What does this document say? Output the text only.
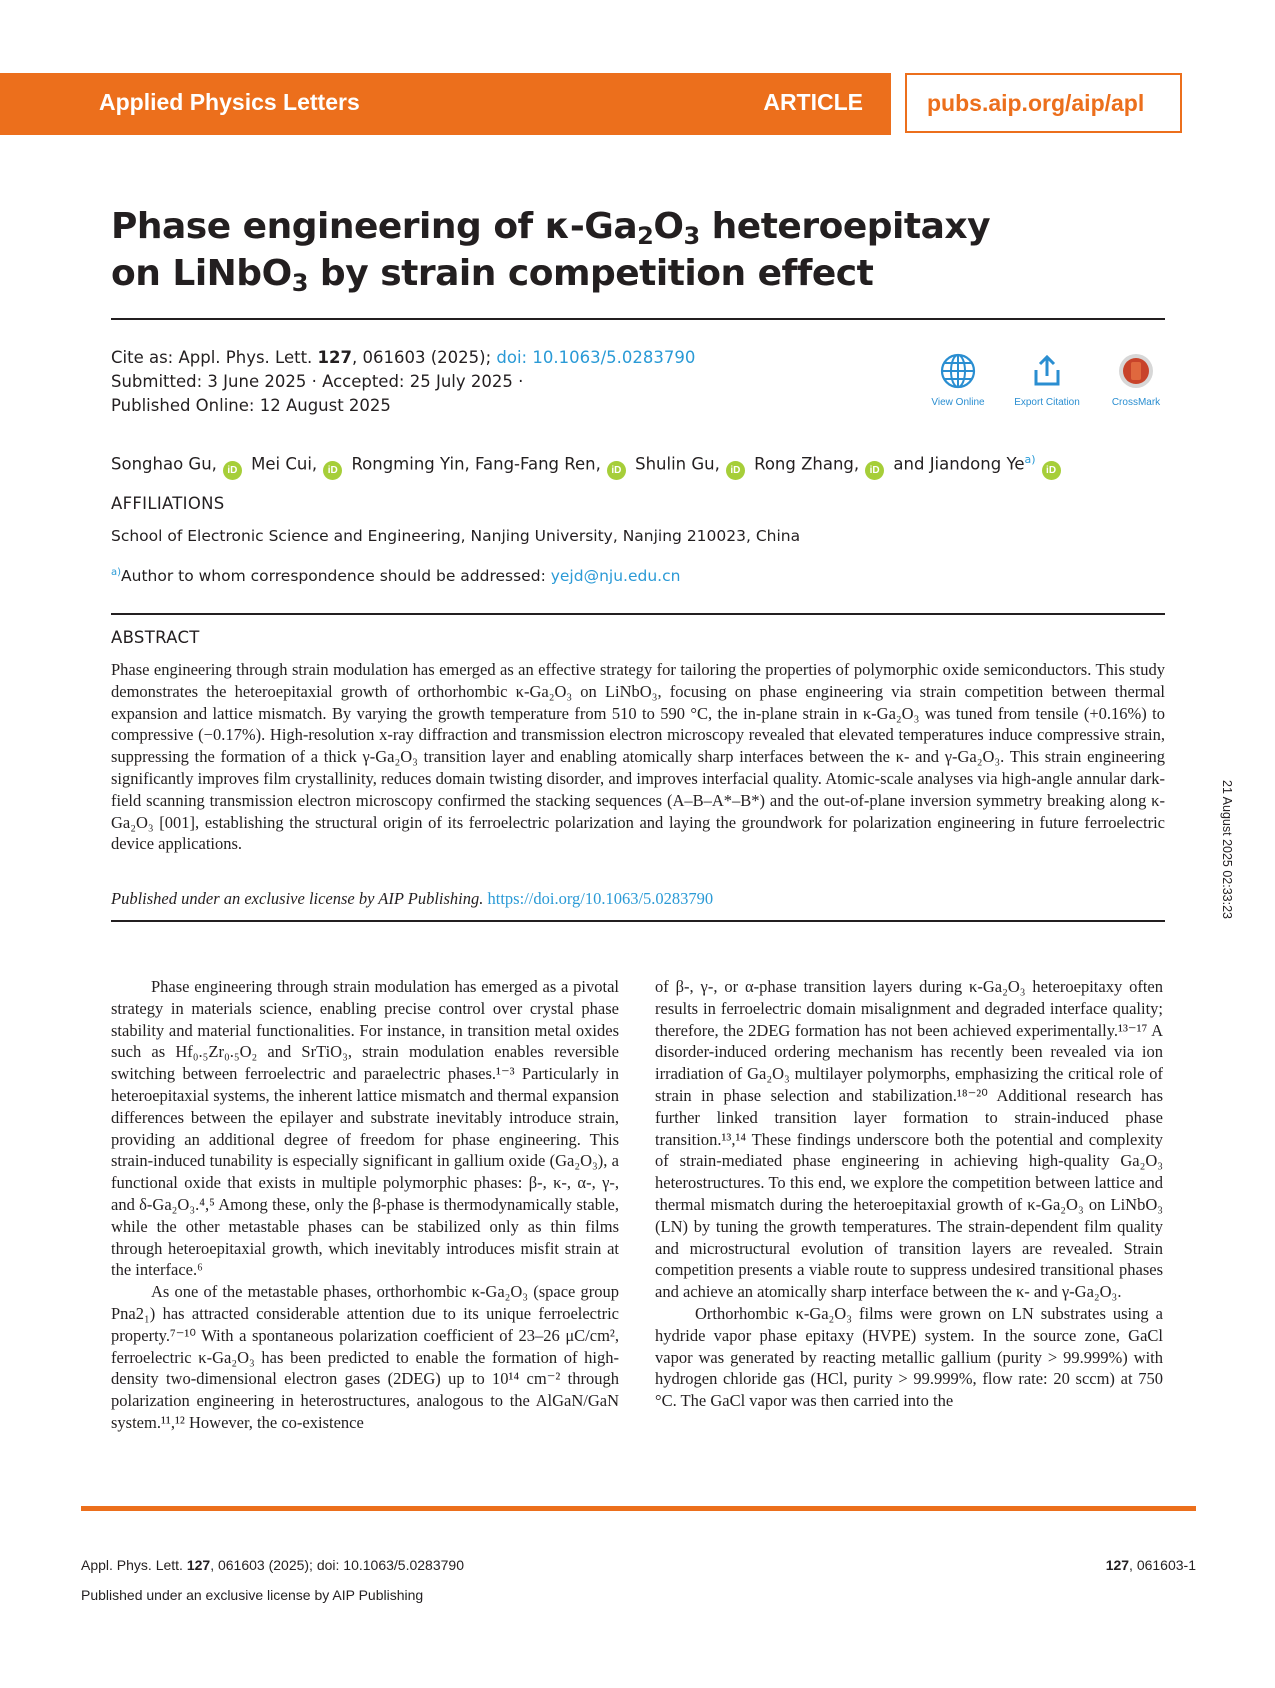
Applied Physics Letters	ARTICLE	pubs.aip.org/aip/apl
Phase engineering of $\kappa-Ga_2O_3$ heteroepitaxy
on LiNbO$_3$ by strain competition effect
Cite as: Appl. Phys. Lett. 127, 061603 (2025); doi: 10.1063/5.0283790
Submitted: 3 June 2025 · Accepted: 25 July 2025 ·
Published Online: 12 August 2025	View Online	Export Citation	CrossMark
Songhao Gu, iD Mei Cui, iD Rongming Yin, Fang-Fang Ren, iD Shulin Gu, iD Rong Zhang, iD and Jiandong Ye$^{a)}$iD
AFFILIATIONS
School of Electronic Science and Engineering, Nanjing University, Nanjing 210023, China
$^{a)}$Author to whom correspondence should be addressed: yejd@nju.edu.cn
ABSTRACT
Phase engineering through strain modulation has emerged as an effective strategy for tailoring the properties of polymorphic oxide semiconductors. This study demonstrates the heteroepitaxial growth of orthorhombic κ-Ga₂O₃ on LiNbO₃, focusing on phase engineering via strain competition between thermal expansion and lattice mismatch. By varying the growth temperature from 510 to 590 °C, the in-plane strain in κ-Ga₂O₃ was tuned from tensile (+0.16%) to compressive (−0.17%). High-resolution x-ray diffraction and transmission electron microscopy revealed that elevated temperatures induce compressive strain, suppressing the formation of a thick γ-Ga₂O₃ transition layer and enabling atomically sharp interfaces between the κ- and γ-Ga₂O₃. This strain engineering significantly improves film crystallinity, reduces domain twisting disorder, and improves interfacial quality. Atomic-scale analyses via high-angle annular dark-field scanning transmission electron microscopy confirmed the stacking sequences (A–B–A*–B*) and the out-of-plane inversion symmetry breaking along κ-Ga₂O₃ [001], establishing the structural origin of its ferroelectric polarization and laying the groundwork for polarization engineering in future ferroelectric device applications.
Published under an exclusive license by AIP Publishing. https://doi.org/10.1063/5.0283790

Phase engineering through strain modulation has emerged as a pivotal strategy in materials science, enabling precise control over crystal phase stability and material functionalities. For instance, in transition metal oxides such as Hf₀.₅Zr₀.₅O₂ and SrTiO₃, strain modulation enables reversible switching between ferroelectric and paraelectric phases.¹⁻³ Particularly in heteroepitaxial systems, the inherent lattice mismatch and thermal expansion differences between the epilayer and substrate inevitably introduce strain, providing an additional degree of freedom for phase engineering. This strain-induced tunability is especially significant in gallium oxide (Ga₂O₃), a functional oxide that exists in multiple polymorphic phases: β-, κ-, α-, γ-, and δ-Ga₂O₃.⁴,⁵ Among these, only the β-phase is thermodynamically stable, while the other metastable phases can be stabilized only as thin films through heteroepitaxial growth, which inevitably introduces misfit strain at the interface.⁶

As one of the metastable phases, orthorhombic κ-Ga₂O₃ (space group Pna2₁) has attracted considerable attention due to its unique ferroelectric property.⁷⁻¹⁰ With a spontaneous polarization coefficient of 23–26 μC/cm², ferroelectric κ-Ga₂O₃ has been predicted to enable the formation of high-density two-dimensional electron gases (2DEG) up to 10¹⁴ cm⁻² through polarization engineering in heterostructures, analogous to the AlGaN/GaN system.¹¹,¹² However, the co-existence

of β-, γ-, or α-phase transition layers during κ-Ga₂O₃ heteroepitaxy often results in ferroelectric domain misalignment and degraded interface quality; therefore, the 2DEG formation has not been achieved experimentally.¹³⁻¹⁷ A disorder-induced ordering mechanism has recently been revealed via ion irradiation of Ga₂O₃ multilayer polymorphs, emphasizing the critical role of strain in phase selection and stabilization.¹⁸⁻²⁰ Additional research has further linked transition layer formation to strain-induced phase transition.¹³,¹⁴ These findings underscore both the potential and complexity of strain-mediated phase engineering in achieving high-quality Ga₂O₃ heterostructures. To this end, we explore the competition between lattice and thermal mismatch during the heteroepitaxial growth of κ-Ga₂O₃ on LiNbO₃ (LN) by tuning the growth temperatures. The strain-dependent film quality and microstructural evolution of transition layers are revealed. Strain competition presents a viable route to suppress undesired transitional phases and achieve an atomically sharp interface between the κ- and γ-Ga₂O₃.

Orthorhombic κ-Ga₂O₃ films were grown on LN substrates using a hydride vapor phase epitaxy (HVPE) system. In the source zone, GaCl vapor was generated by reacting metallic gallium (purity > 99.999%) with hydrogen chloride gas (HCl, purity > 99.999%, flow rate: 20 sccm) at 750 °C. The GaCl vapor was then carried into the

Appl. Phys. Lett. 127, 061603 (2025); doi: 10.1063/5.0283790
Published under an exclusive license by AIP Publishing
127, 061603-1
21 August 2025 02:33:23
